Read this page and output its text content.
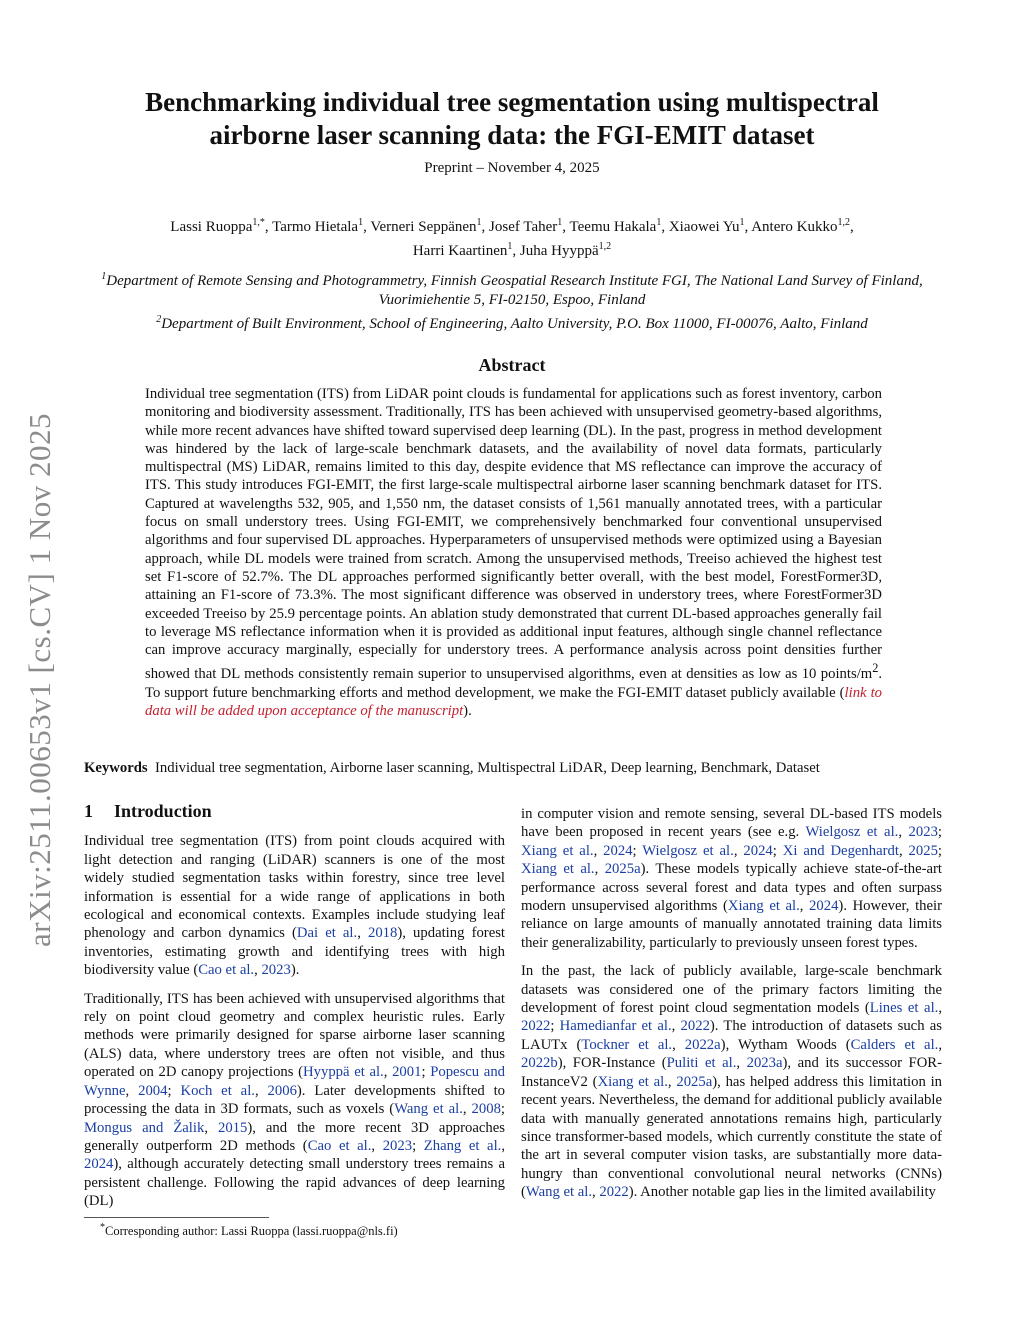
arXiv:2511.00653v1 [cs.CV] 1 Nov 2025
Benchmarking individual tree segmentation using multispectral
airborne laser scanning data: the FGI-EMIT dataset
Preprint – November 4, 2025
Lassi Ruoppa$^{1,*}$, Tarmo Hietala$^1$, Verneri Seppänen$^1$, Josef Taher$^1$, Teemu Hakala$^1$, Xiaowei Yu$^1$, Antero Kukko$^{1,2}$,
Harri Kaartinen$^1$, Juha Hyyppä$^{1,2}$

$^1$Department of Remote Sensing and Photogrammetry, Finnish Geospatial Research Institute FGI, The National Land Survey of Finland, Vuorimiehentie 5, FI-02150, Espoo, Finland

$^2$Department of Built Environment, School of Engineering, Aalto University, P.O. Box 11000, FI-00076, Aalto, Finland

Abstract

Individual tree segmentation (ITS) from LiDAR point clouds is fundamental for applications such as forest inventory, carbon monitoring and biodiversity assessment. Traditionally, ITS has been achieved with unsupervised geometry-based algorithms, while more recent advances have shifted toward supervised deep learning (DL). In the past, progress in method development was hindered by the lack of large-scale benchmark datasets, and the availability of novel data formats, particularly multispectral (MS) LiDAR, remains limited to this day, despite evidence that MS reflectance can improve the accuracy of ITS. This study introduces FGI-EMIT, the first large-scale multispectral airborne laser scanning benchmark dataset for ITS. Captured at wavelengths 532, 905, and 1,550 nm, the dataset consists of 1,561 manually annotated trees, with a particular focus on small understory trees. Using FGI-EMIT, we comprehensively benchmarked four conventional unsupervised algorithms and four supervised DL approaches. Hyperparameters of unsupervised methods were optimized using a Bayesian approach, while DL models were trained from scratch. Among the unsupervised methods, Treeiso achieved the highest test set F1-score of 52.7%. The DL approaches performed significantly better overall, with the best model, ForestFormer3D, attaining an F1-score of 73.3%. The most significant difference was observed in understory trees, where ForestFormer3D exceeded Treeiso by 25.9 percentage points. An ablation study demonstrated that current DL-based approaches generally fail to leverage MS reflectance information when it is provided as additional input features, although single channel reflectance can improve accuracy marginally, especially for understory trees. A performance analysis across point densities further showed that DL methods consistently remain superior to unsupervised algorithms, even at densities as low as 10 points/$m^2$. To support future benchmarking efforts and method development, we make the FGI-EMIT dataset publicly available (link to data will be added upon acceptance of the manuscript).

Keywords Individual tree segmentation, Airborne laser scanning, Multispectral LiDAR, Deep learning, Benchmark, Dataset
1 Introduction

Individual tree segmentation (ITS) from point clouds acquired with light detection and ranging (LiDAR) scanners is one of the most widely studied segmentation tasks within forestry, since tree level information is essential for a wide range of applications in both ecological and economical contexts. Examples include studying leaf phenology and carbon dynamics (Dai et al., 2018), updating forest inventories, estimating growth and identifying trees with high biodiversity value (Cao et al., 2023).

Traditionally, ITS has been achieved with unsupervised algorithms that rely on point cloud geometry and complex heuristic rules. Early methods were primarily designed for sparse airborne laser scanning (ALS) data, where understory trees are often not visible, and thus operated on 2D canopy projections (Hyyppä et al., 2001; Popescu and Wynne, 2004; Koch et al., 2006). Later developments shifted to processing the data in 3D formats, such as voxels (Wang et al., 2008; Mongus and Žalik, 2015), and the more recent 3D approaches generally outperform 2D methods (Cao et al., 2023; Zhang et al., 2024), although accurately detecting small understory trees remains a persistent challenge. Following the rapid advances of deep learning (DL)

in computer vision and remote sensing, several DL-based ITS models have been proposed in recent years (see e.g. Wielgosz et al., 2023; Xiang et al., 2024; Wielgosz et al., 2024; Xi and Degenhardt, 2025; Xiang et al., 2025a). These models typically achieve state-of-the-art performance across several forest and data types and often surpass modern unsupervised algorithms (Xiang et al., 2024). However, their reliance on large amounts of manually annotated training data limits their generalizability, particularly to previously unseen forest types.

In the past, the lack of publicly available, large-scale benchmark datasets was considered one of the primary factors limiting the development of forest point cloud segmentation models (Lines et al., 2022; Hamedianfar et al., 2022). The introduction of datasets such as LAUTx (Tockner et al., 2022a), Wytham Woods (Calders et al., 2022b), FOR-Instance (Puliti et al., 2023a), and its successor FOR-InstanceV2 (Xiang et al., 2025a), has helped address this limitation in recent years. Nevertheless, the demand for additional publicly available data with manually generated annotations remains high, particularly since transformer-based models, which currently constitute the state of the art in several computer vision tasks, are substantially more data-hungry than conventional convolutional neural networks (CNNs) (Wang et al., 2022). Another notable gap lies in the limited availability

*Corresponding author: Lassi Ruoppa (lassi.ruoppa@nls.fi)
